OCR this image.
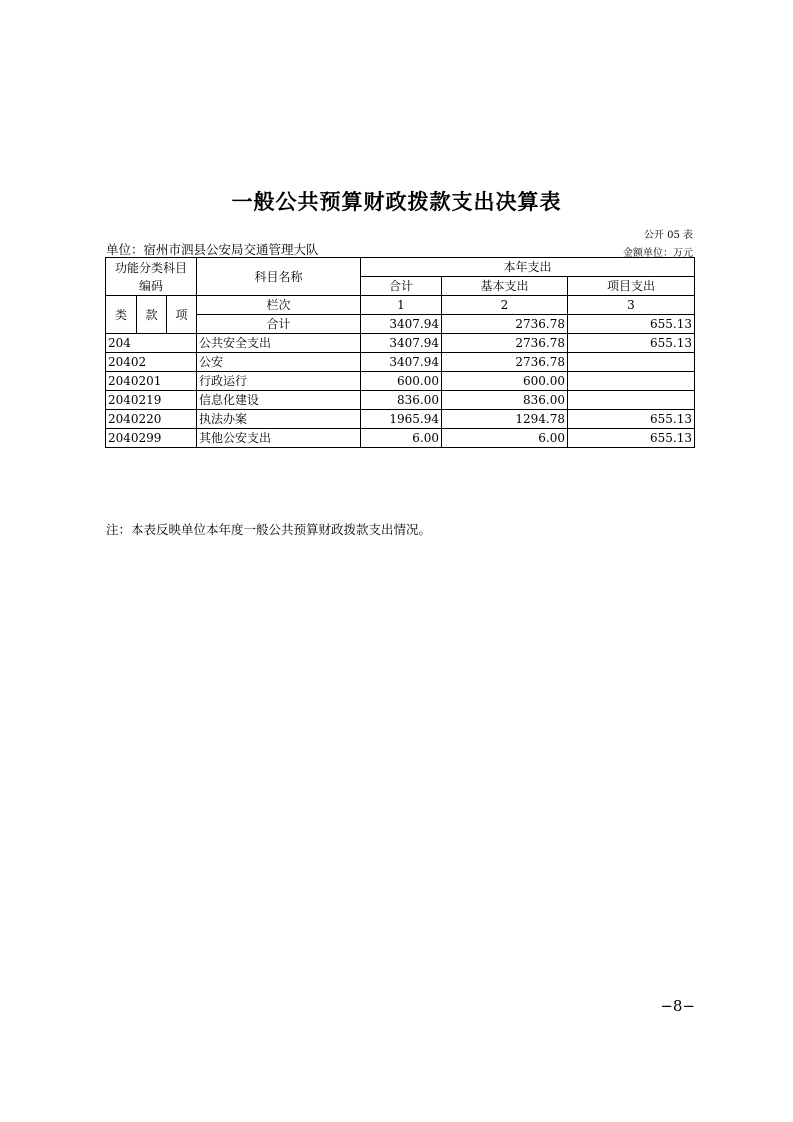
一般公共预算财政拨款支出决算表
公开 05 表
单位：宿州市泗县公安局交通管理大队	金额单位：万元
功能分类科目
编码			科目名称	本年支出		
				合计	基本支出	项目支出
类	款	项	栏次	1	2	3
			合计	3407.94	2736.78	655.13
204			公共安全支出	3407.94	2736.78	655.13
20402			公安	3407.94	2736.78	
2040201			行政运行	600.00	600.00	
2040219			信息化建设	836.00	836.00	
2040220			执法办案	1965.94	1294.78	655.13
2040299			其他公安支出	6.00	6.00	655.13
注：本表反映单位本年度一般公共预算财政拨款支出情况。
−8−
